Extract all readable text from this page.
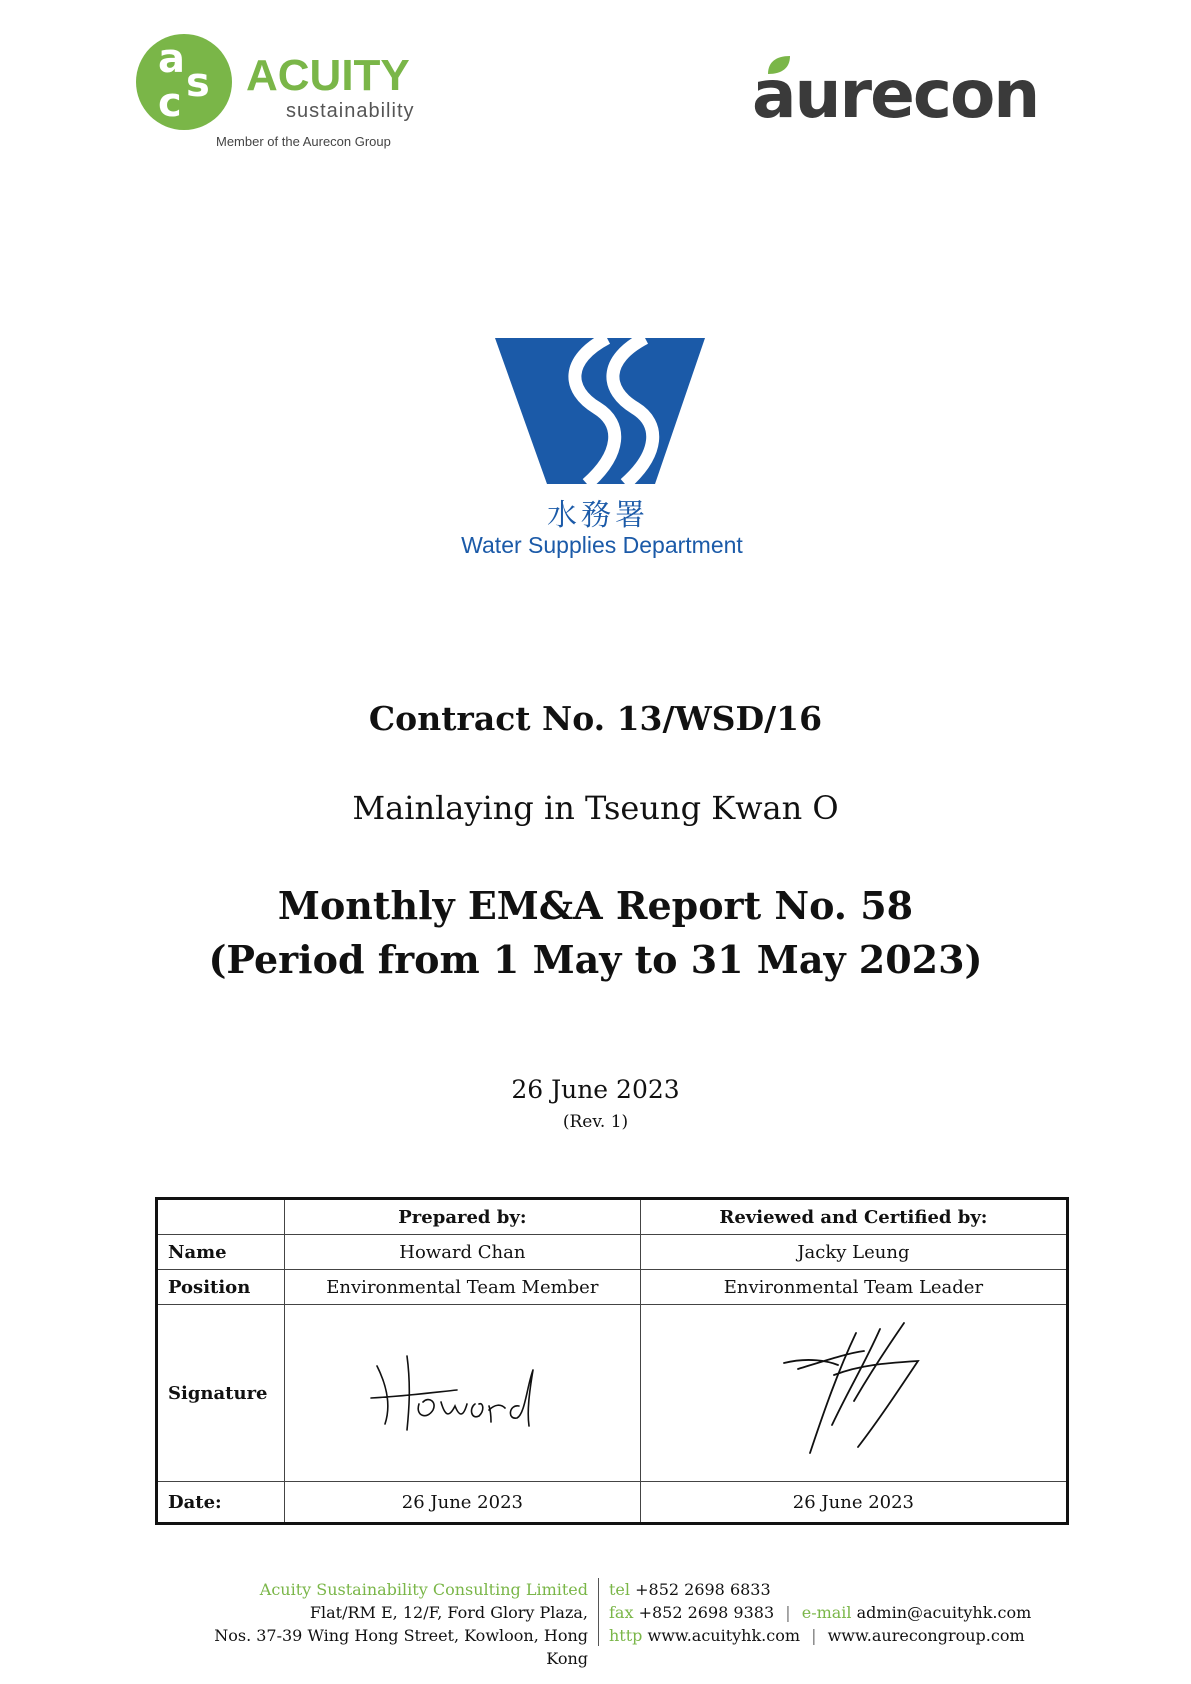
a
s
c
ACUITY
sustainability
Member of the Aurecon Group
aurecon
水務署
Water Supplies Department
Contract No. 13/WSD/16
Mainlaying in Tseung Kwan O
Monthly EM&A Report No. 58
(Period from 1 May to 31 May 2023)
26 June 2023
(Rev. 1)
	Prepared by:	Reviewed and Certified by:
Name	Howard Chan	Jacky Leung
Position	Environmental Team Member	Environmental Team Leader
Signature		
Date:	26 June 2023	26 June 2023
Acuity Sustainability Consulting Limited
Flat/RM E, 12/F, Ford Glory Plaza,
Nos. 37-39 Wing Hong Street, Kowloon, Hong Kong
tel +852 2698 6833
fax +852 2698 9383 | e-mail admin@acuityhk.com
http www.acuityhk.com | www.aurecongroup.com
